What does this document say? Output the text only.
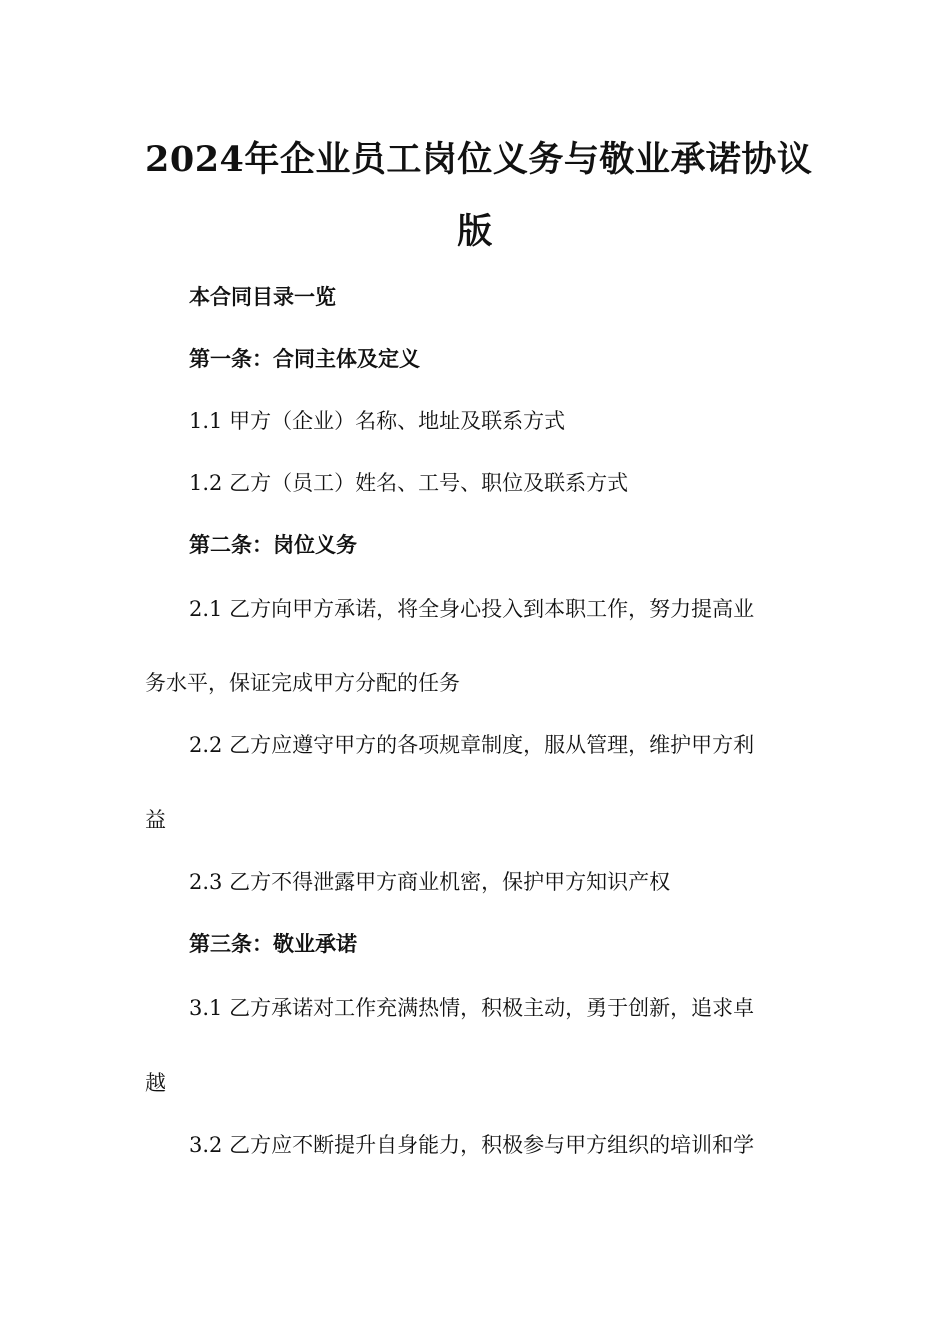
2024年企业员工岗位义务与敬业承诺协议
版
本合同目录一览
第一条：合同主体及定义
1.1 甲方（企业）名称、地址及联系方式
1.2 乙方（员工）姓名、工号、职位及联系方式
第二条：岗位义务
2.1 乙方向甲方承诺，将全身心投入到本职工作，努力提高业
务水平，保证完成甲方分配的任务
2.2 乙方应遵守甲方的各项规章制度，服从管理，维护甲方利
益
2.3 乙方不得泄露甲方商业机密，保护甲方知识产权
第三条：敬业承诺
3.1 乙方承诺对工作充满热情，积极主动，勇于创新，追求卓
越
3.2 乙方应不断提升自身能力，积极参与甲方组织的培训和学
